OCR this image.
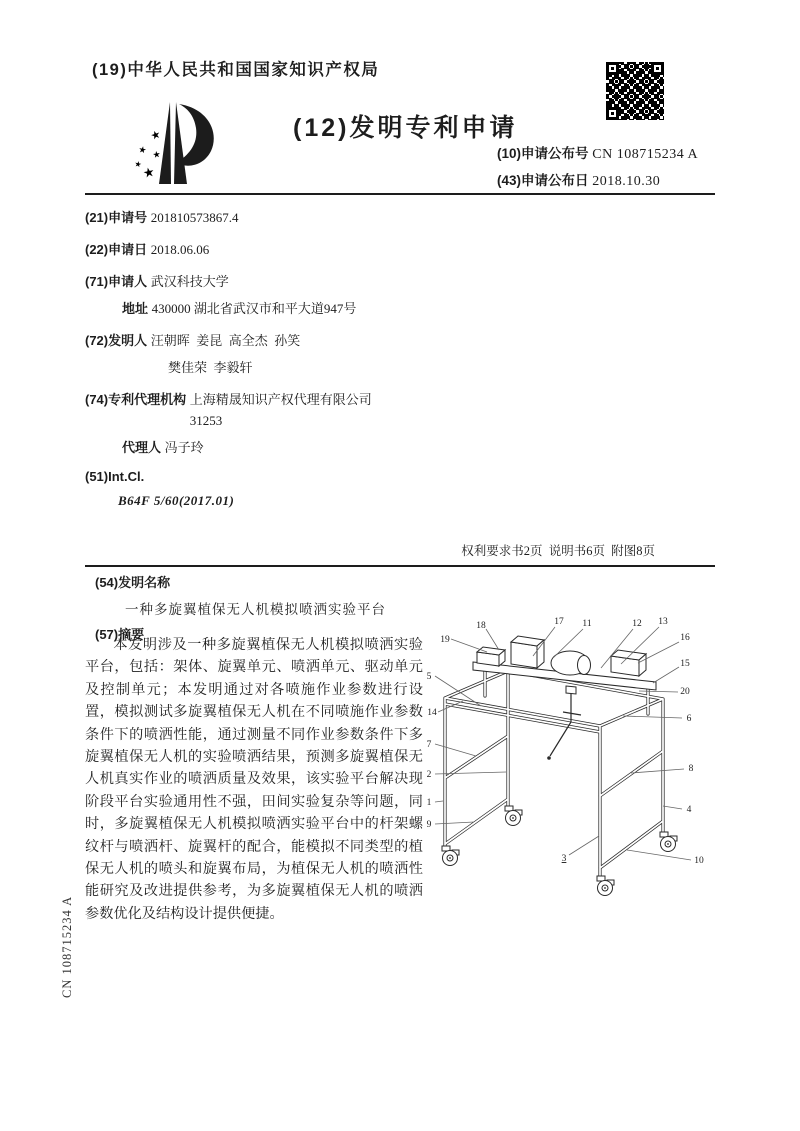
(19)中华人民共和国国家知识产权局
★
★ ★
★ ★
(12)发明专利申请
(10)申请公布号 CN 108715234 A
(43)申请公布日 2018.10.30
(21)申请号 201810573867.4
(22)申请日 2018.06.06
(71)申请人 武汉科技大学
地址 430000 湖北省武汉市和平大道947号
(72)发明人 汪朝晖  姜昆  高全杰  孙笑
樊佳荣  李毅轩
(74)专利代理机构 上海精晟知识产权代理有限公司 31253
代理人 冯子玲
(51)Int.Cl.
B64F 5/60(2017.01)
权利要求书2页  说明书6页  附图8页
(54)发明名称
一种多旋翼植保无人机模拟喷洒实验平台
(57)摘要
本发明涉及一种多旋翼植保无人机模拟喷洒实验平台，包括：架体、旋翼单元、喷洒单元、驱动单元及控制单元；本发明通过对各喷施作业参数进行设置，模拟测试多旋翼植保无人机在不同喷施作业参数条件下的喷洒性能，通过测量不同作业参数条件下多旋翼植保无人机的实验喷洒结果，预测多旋翼植保无人机真实作业的喷洒质量及效果，该实验平台解决现阶段平台实验通用性不强，田间实验复杂等问题，同时，多旋翼植保无人机模拟喷洒实验平台中的杆架螺纹杆与喷洒杆、旋翼杆的配合，能模拟不同类型的植保无人机的喷头和旋翼布局，为植保无人机的喷洒性能研究及改进提供参考，为多旋翼植保无人机的喷洒参数优化及结构设计提供便捷。
19
18	17 11	12 13
16
15
20
6
8
4
10
5
14
7
2
1
9
3
CN 108715234 A
